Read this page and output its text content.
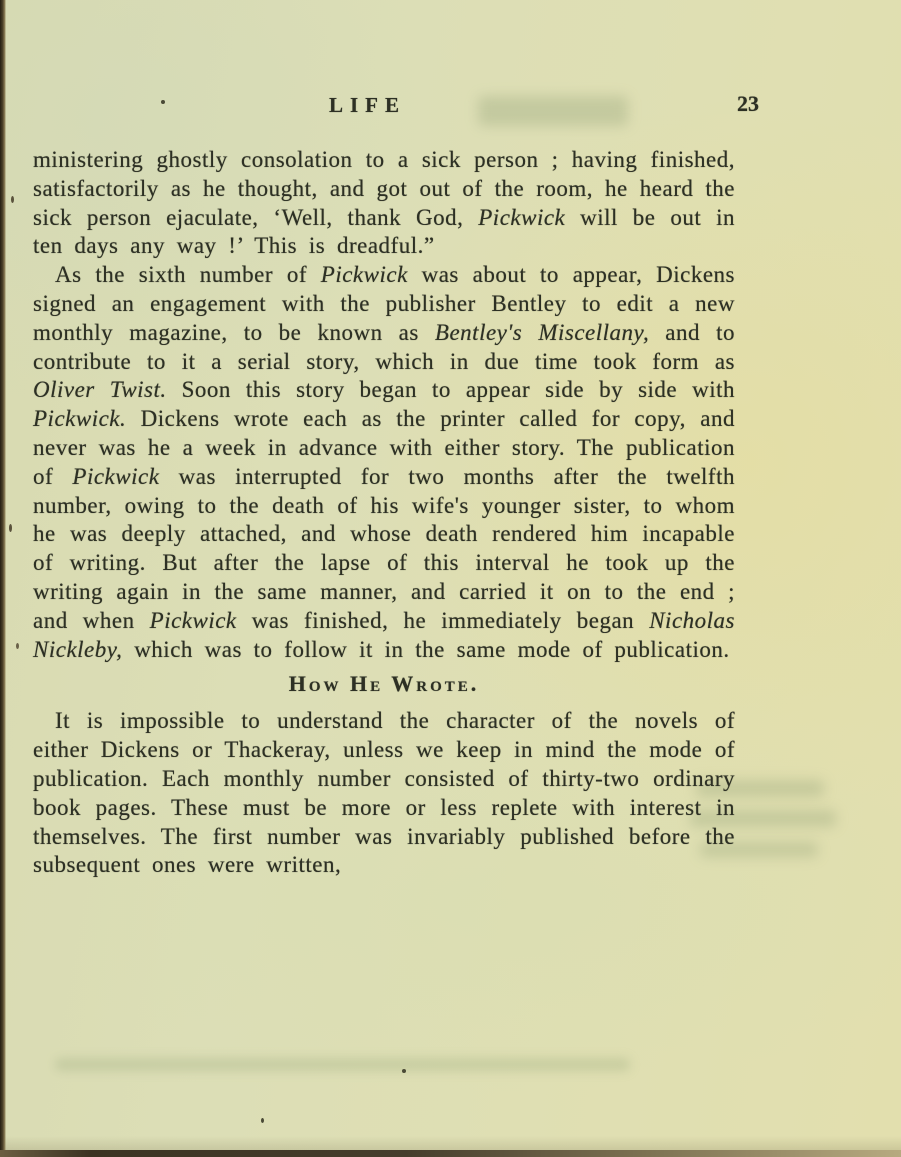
LIFE	23

ministering ghostly consolation to a sick person ; having finished, satisfactorily as he thought, and got out of the room, he heard the sick person ejaculate, ‘Well, thank God, Pickwick will be out in ten days any way !’ This is dreadful.”

As the sixth number of Pickwick was about to appear, Dickens signed an engagement with the publisher Bentley to edit a new monthly magazine, to be known as Bentley's Miscellany, and to contribute to it a serial story, which in due time took form as Oliver Twist. Soon this story began to appear side by side with Pickwick. Dickens wrote each as the printer called for copy, and never was he a week in advance with either story. The publication of Pickwick was interrupted for two months after the twelfth number, owing to the death of his wife's younger sister, to whom he was deeply attached, and whose death rendered him incapable of writing. But after the lapse of this interval he took up the writing again in the same manner, and carried it on to the end ; and when Pickwick was finished, he immediately began Nicholas Nickleby, which was to follow it in the same mode of publication.

How He Wrote.

It is impossible to understand the character of the novels of either Dickens or Thackeray, unless we keep in mind the mode of publication. Each monthly number consisted of thirty-two ordinary book pages. These must be more or less replete with interest in themselves. The first number was invariably published before the subsequent ones were written,
